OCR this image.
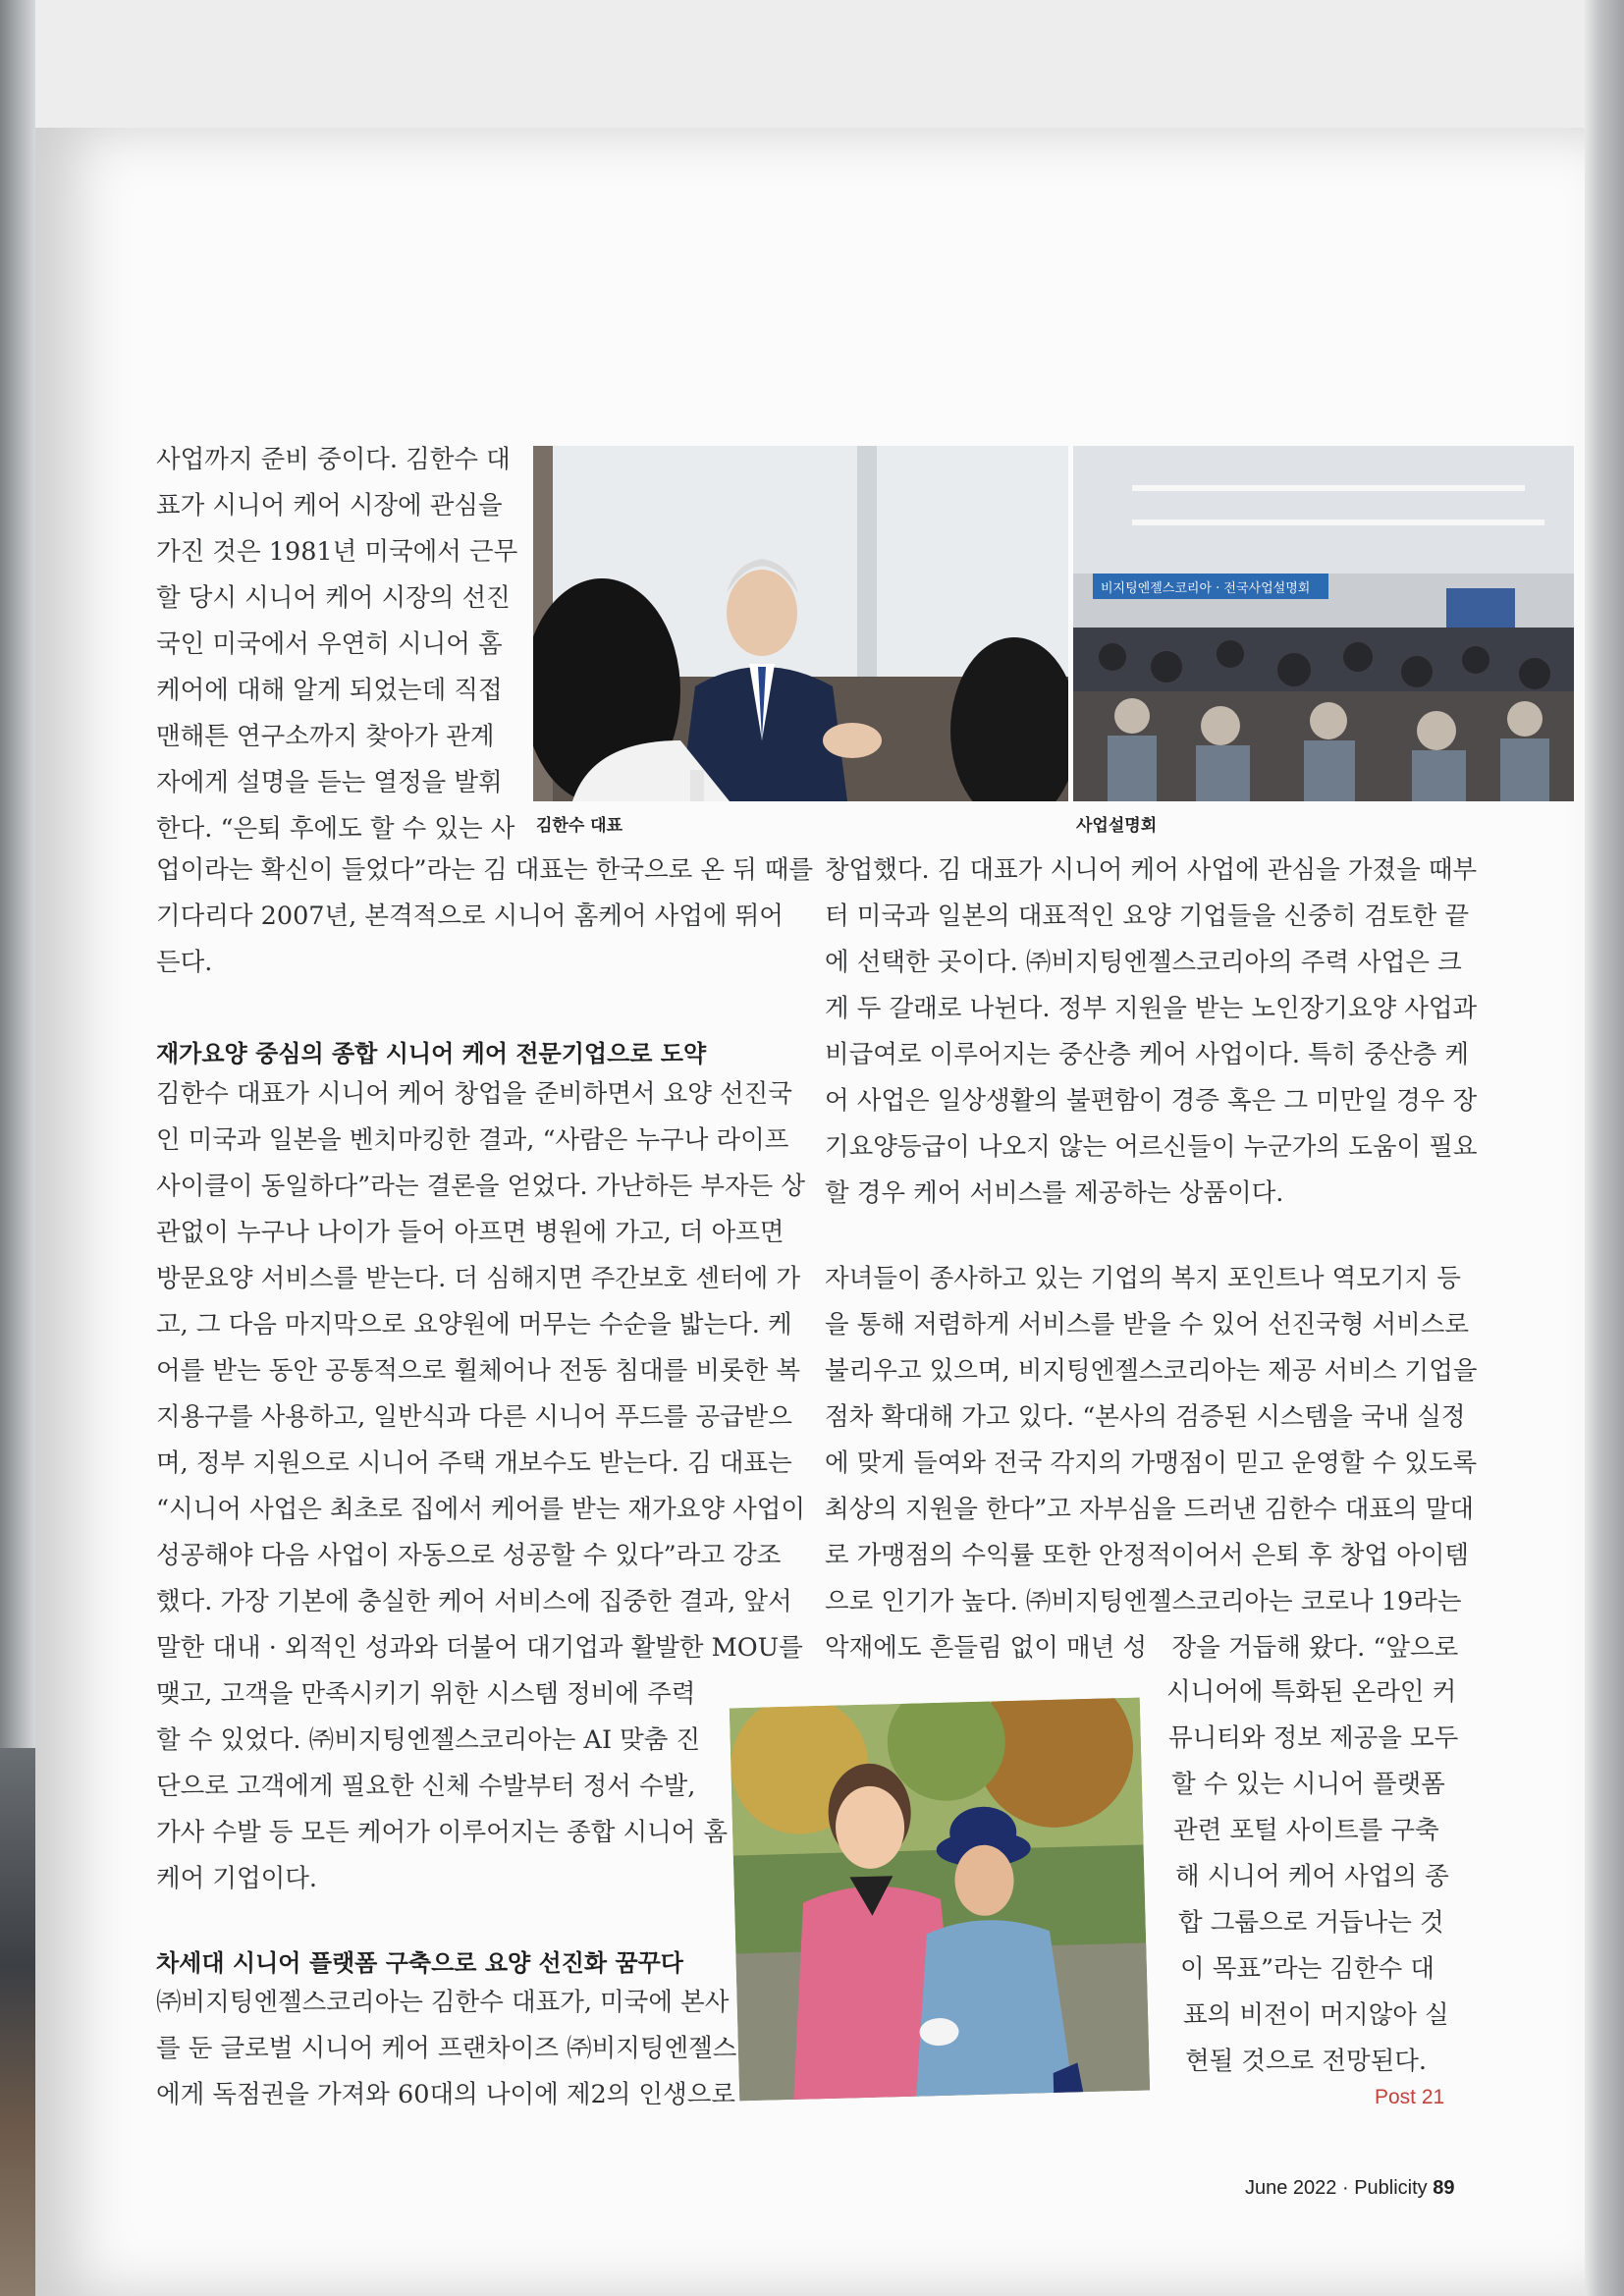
김한수 대표
비지팅엔젤스코리아 · 전국사업설명회
사업설명회
사업까지 준비 중이다. 김한수 대
표가 시니어 케어 시장에 관심을
가진 것은 1981년 미국에서 근무
할 당시 시니어 케어 시장의 선진
국인 미국에서 우연히 시니어 홈
케어에 대해 알게 되었는데 직접
맨해튼 연구소까지 찾아가 관계
자에게 설명을 듣는 열정을 발휘
한다. “은퇴 후에도 할 수 있는 사
업이라는 확신이 들었다”라는 김 대표는 한국으로 온 뒤 때를
기다리다 2007년, 본격적으로 시니어 홈케어 사업에 뛰어
든다.
재가요양 중심의 종합 시니어 케어 전문기업으로 도약
김한수 대표가 시니어 케어 창업을 준비하면서 요양 선진국
인 미국과 일본을 벤치마킹한 결과, “사람은 누구나 라이프
사이클이 동일하다”라는 결론을 얻었다. 가난하든 부자든 상
관없이 누구나 나이가 들어 아프면 병원에 가고, 더 아프면
방문요양 서비스를 받는다. 더 심해지면 주간보호 센터에 가
고, 그 다음 마지막으로 요양원에 머무는 수순을 밟는다. 케
어를 받는 동안 공통적으로 휠체어나 전동 침대를 비롯한 복
지용구를 사용하고, 일반식과 다른 시니어 푸드를 공급받으
며, 정부 지원으로 시니어 주택 개보수도 받는다. 김 대표는
“시니어 사업은 최초로 집에서 케어를 받는 재가요양 사업이
성공해야 다음 사업이 자동으로 성공할 수 있다”라고 강조
했다. 가장 기본에 충실한 케어 서비스에 집중한 결과, 앞서
말한 대내 · 외적인 성과와 더불어 대기업과 활발한 MOU를
맺고, 고객을 만족시키기 위한 시스템 정비에 주력
할 수 있었다. ㈜비지팅엔젤스코리아는 AI 맞춤 진
단으로 고객에게 필요한 신체 수발부터 정서 수발,
가사 수발 등 모든 케어가 이루어지는 종합 시니어 홈
케어 기업이다.
차세대 시니어 플랫폼 구축으로 요양 선진화 꿈꾸다
㈜비지팅엔젤스코리아는 김한수 대표가, 미국에 본사
를 둔 글로벌 시니어 케어 프랜차이즈 ㈜비지팅엔젤스
에게 독점권을 가져와 60대의 나이에 제2의 인생으로
창업했다. 김 대표가 시니어 케어 사업에 관심을 가졌을 때부
터 미국과 일본의 대표적인 요양 기업들을 신중히 검토한 끝
에 선택한 곳이다. ㈜비지팅엔젤스코리아의 주력 사업은 크
게 두 갈래로 나뉜다. 정부 지원을 받는 노인장기요양 사업과
비급여로 이루어지는 중산층 케어 사업이다. 특히 중산층 케
어 사업은 일상생활의 불편함이 경증 혹은 그 미만일 경우 장
기요양등급이 나오지 않는 어르신들이 누군가의 도움이 필요
할 경우 케어 서비스를 제공하는 상품이다.
자녀들이 종사하고 있는 기업의 복지 포인트나 역모기지 등
을 통해 저렴하게 서비스를 받을 수 있어 선진국형 서비스로
불리우고 있으며, 비지팅엔젤스코리아는 제공 서비스 기업을
점차 확대해 가고 있다. “본사의 검증된 시스템을 국내 실정
에 맞게 들여와 전국 각지의 가맹점이 믿고 운영할 수 있도록
최상의 지원을 한다”고 자부심을 드러낸 김한수 대표의 말대
로 가맹점의 수익률 또한 안정적이어서 은퇴 후 창업 아이템
으로 인기가 높다. ㈜비지팅엔젤스코리아는 코로나 19라는
악재에도 흔들림 없이 매년 성　장을 거듭해 왔다. “앞으로
시니어에 특화된 온라인 커
뮤니티와 정보 제공을 모두
할 수 있는 시니어 플랫폼
관련 포털 사이트를 구축
해 시니어 케어 사업의 종
합 그룹으로 거듭나는 것
이 목표”라는 김한수 대
표의 비전이 머지않아 실
현될 것으로 전망된다.
Post 21
June 2022 · Publicity 89
